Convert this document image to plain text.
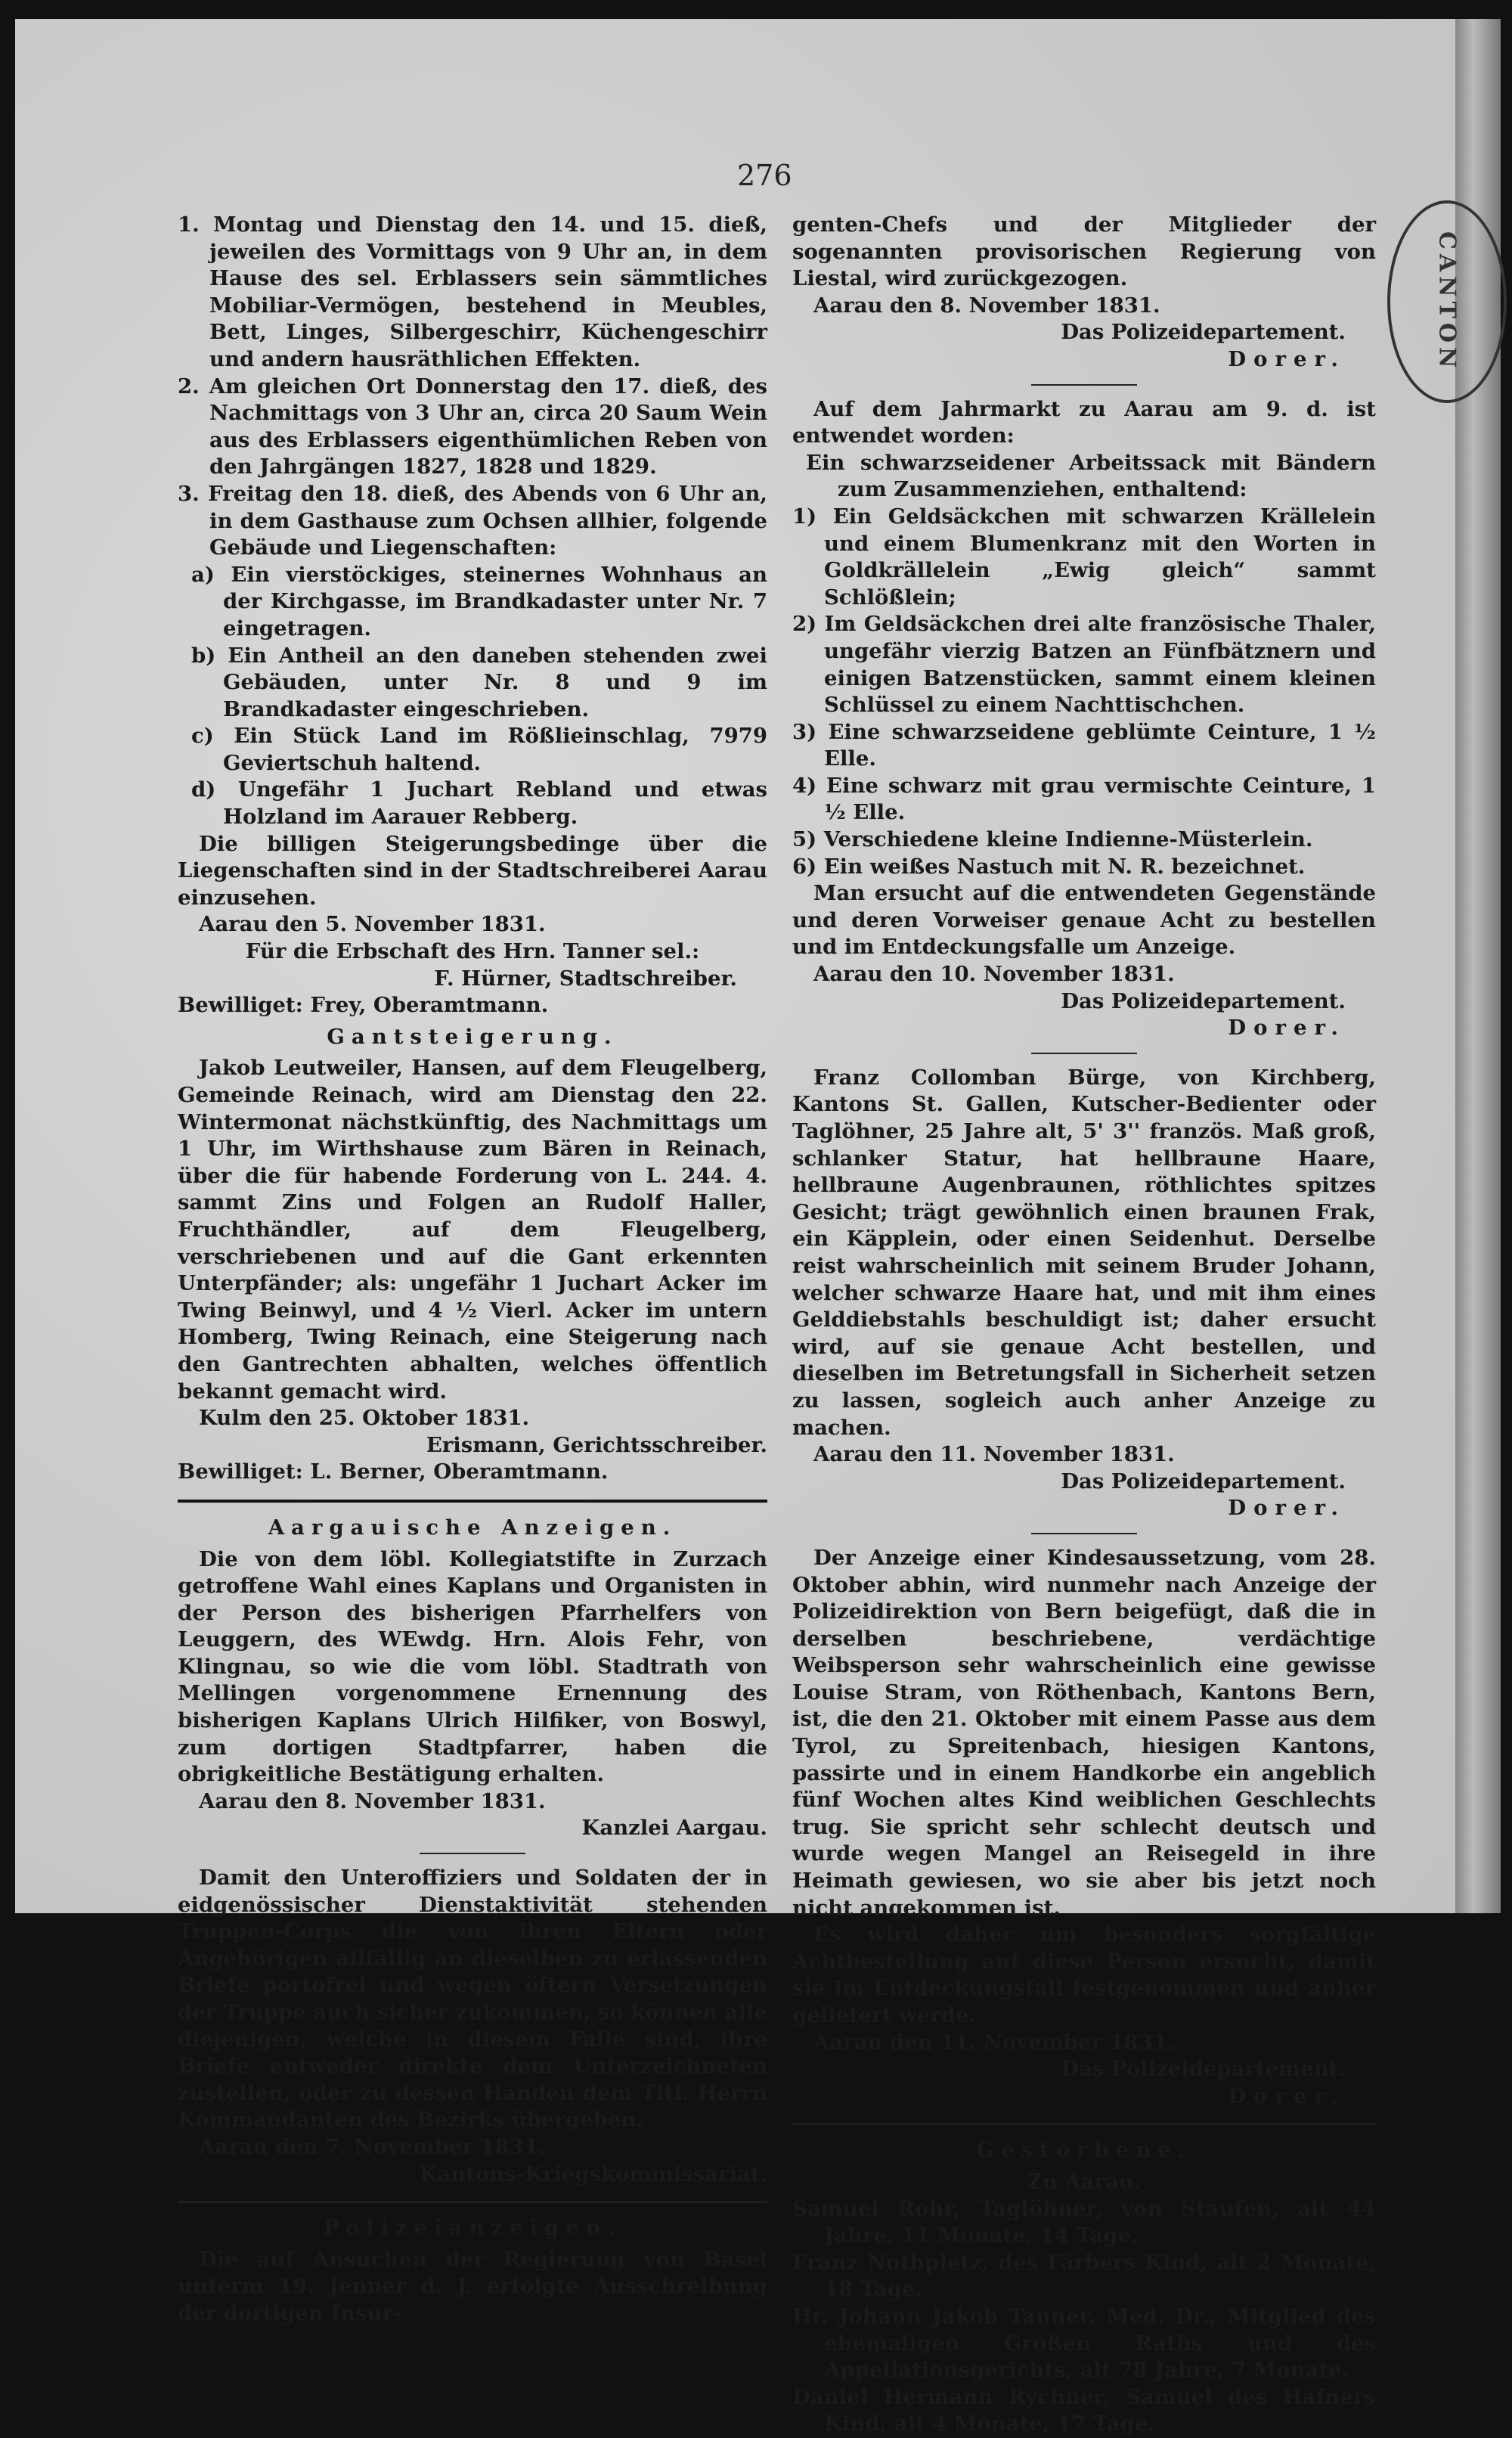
CANTON
276

1. Montag und Dienstag den 14. und 15. dieß, jeweilen des Vormittags von 9 Uhr an, in dem Hause des sel. Erblassers sein sämmtliches Mobiliar-Vermögen, bestehend in Meubles, Bett, Linges, Silbergeschirr, Küchengeschirr und andern hausräthlichen Effekten.

2. Am gleichen Ort Donnerstag den 17. dieß, des Nachmittags von 3 Uhr an, circa 20 Saum Wein aus des Erblassers eigenthümlichen Reben von den Jahrgängen 1827, 1828 und 1829.

3. Freitag den 18. dieß, des Abends von 6 Uhr an, in dem Gasthause zum Ochsen allhier, folgende Gebäude und Liegenschaften:

a) Ein vierstöckiges, steinernes Wohnhaus an der Kirchgasse, im Brandkadaster unter Nr. 7 eingetragen.

b) Ein Antheil an den daneben stehenden zwei Gebäuden, unter Nr. 8 und 9 im Brandkadaster eingeschrieben.

c) Ein Stück Land im Rößlieinschlag, 7979 Geviertschuh haltend.

d) Ungefähr 1 Juchart Rebland und etwas Holzland im Aarauer Rebberg.

Die billigen Steigerungsbedinge über die Liegenschaften sind in der Stadtschreiberei Aarau einzusehen.

Aarau den 5. November 1831.

Für die Erbschaft des Hrn. Tanner sel.:

F. Hürner, Stadtschreiber.

Bewilliget: Frey, Oberamtmann.

Gantsteigerung.

Jakob Leutweiler, Hansen, auf dem Fleugelberg, Gemeinde Reinach, wird am Dienstag den 22. Wintermonat nächstkünftig, des Nachmittags um 1 Uhr, im Wirthshause zum Bären in Reinach, über die für habende Forderung von L. 244. 4. sammt Zins und Folgen an Rudolf Haller, Fruchthändler, auf dem Fleugelberg, verschriebenen und auf die Gant erkennten Unterpfänder; als: ungefähr 1 Juchart Acker im Twing Beinwyl, und 4 ½ Vierl. Acker im untern Homberg, Twing Reinach, eine Steigerung nach den Gantrechten abhalten, welches öffentlich bekannt gemacht wird.

Kulm den 25. Oktober 1831.

Erismann, Gerichtsschreiber.

Bewilliget: L. Berner, Oberamtmann.

Aargauische Anzeigen.

Die von dem löbl. Kollegiatstifte in Zurzach getroffene Wahl eines Kaplans und Organisten in der Person des bisherigen Pfarrhelfers von Leuggern, des WEwdg. Hrn. Alois Fehr, von Klingnau, so wie die vom löbl. Stadtrath von Mellingen vorgenommene Ernennung des bisherigen Kaplans Ulrich Hilfiker, von Boswyl, zum dortigen Stadtpfarrer, haben die obrigkeitliche Bestätigung erhalten.

Aarau den 8. November 1831.

Kanzlei Aargau.

Damit den Unteroffiziers und Soldaten der in eidgenössischer Dienstaktivität stehenden Truppen-Corps die von ihren Eltern oder Angehörigen allfällig an dieselben zu erlassenden Briefe portofrei und wegen öftern Versetzungen der Truppe auch sicher zukommen, so können alle diejenigen, welche in diesem Falle sind, ihre Briefe entweder direkte dem Unterzeichneten zustellen, oder zu dessen Handen dem Titl. Herrn Kommandanten des Bezirks übergeben.

Aarau den 7. November 1831.

Kantons-Kriegskommissariat.

Polizeianzeigen.

Die auf Ansuchen der Regierung von Basel unterm 19. Jenner d. J. erfolgte Ausschreibung der dortigen Insur-

genten-Chefs und der Mitglieder der sogenannten provisorischen Regierung von Liestal, wird zurückgezogen.

Aarau den 8. November 1831.

Das Polizeidepartement.

Dorer.

Auf dem Jahrmarkt zu Aarau am 9. d. ist entwendet worden:

Ein schwarzseidener Arbeitssack mit Bändern zum Zusammenziehen, enthaltend:

1) Ein Geldsäckchen mit schwarzen Krällelein und einem Blumenkranz mit den Worten in Goldkrällelein „Ewig gleich“ sammt Schlößlein;

2) Im Geldsäckchen drei alte französische Thaler, ungefähr vierzig Batzen an Fünfbätznern und einigen Batzenstücken, sammt einem kleinen Schlüssel zu einem Nachttischchen.

3) Eine schwarzseidene geblümte Ceinture, 1 ½ Elle.

4) Eine schwarz mit grau vermischte Ceinture, 1 ½ Elle.

5) Verschiedene kleine Indienne-Müsterlein.

6) Ein weißes Nastuch mit N. R. bezeichnet.

Man ersucht auf die entwendeten Gegenstände und deren Vorweiser genaue Acht zu bestellen und im Entdeckungsfalle um Anzeige.

Aarau den 10. November 1831.

Das Polizeidepartement.

Dorer.

Franz Collomban Bürge, von Kirchberg, Kantons St. Gallen, Kutscher-Bedienter oder Taglöhner, 25 Jahre alt, 5' 3'' französ. Maß groß, schlanker Statur, hat hellbraune Haare, hellbraune Augenbraunen, röthlichtes spitzes Gesicht; trägt gewöhnlich einen braunen Frak, ein Käpplein, oder einen Seidenhut. Derselbe reist wahrscheinlich mit seinem Bruder Johann, welcher schwarze Haare hat, und mit ihm eines Gelddiebstahls beschuldigt ist; daher ersucht wird, auf sie genaue Acht bestellen, und dieselben im Betretungsfall in Sicherheit setzen zu lassen, sogleich auch anher Anzeige zu machen.

Aarau den 11. November 1831.

Das Polizeidepartement.

Dorer.

Der Anzeige einer Kindesaussetzung, vom 28. Oktober abhin, wird nunmehr nach Anzeige der Polizeidirektion von Bern beigefügt, daß die in derselben beschriebene, verdächtige Weibsperson sehr wahrscheinlich eine gewisse Louise Stram, von Röthenbach, Kantons Bern, ist, die den 21. Oktober mit einem Passe aus dem Tyrol, zu Spreitenbach, hiesigen Kantons, passirte und in einem Handkorbe ein angeblich fünf Wochen altes Kind weiblichen Geschlechts trug. Sie spricht sehr schlecht deutsch und wurde wegen Mangel an Reisegeld in ihre Heimath gewiesen, wo sie aber bis jetzt noch nicht angekommen ist.

Es wird daher um besonders sorgfältige Achtbestellung auf diese Person ersucht, damit sie im Entdeckungsfall festgenommen und anher geliefert werde.

Aarau den 11. November 1831.

Das Polizeidepartement.

Dorer.

Gestorbene.

Zu Aarau.

Samuel Rohr, Taglöhner, von Staufen, alt 44 Jahre, 11 Monate, 14 Tage.

Franz Nothpletz, des Färbers Kind, alt 2 Monate, 18 Tage.

Hr. Johann Jakob Tanner, Med. Dr., Mitglied des ehemaligen Großen Raths und des Appellationsgerichts, alt 78 Jahre, 7 Monate.

Daniel Hermann Rychner, Samuel des Hafners Kind, alt 4 Monate, 17 Tage.
